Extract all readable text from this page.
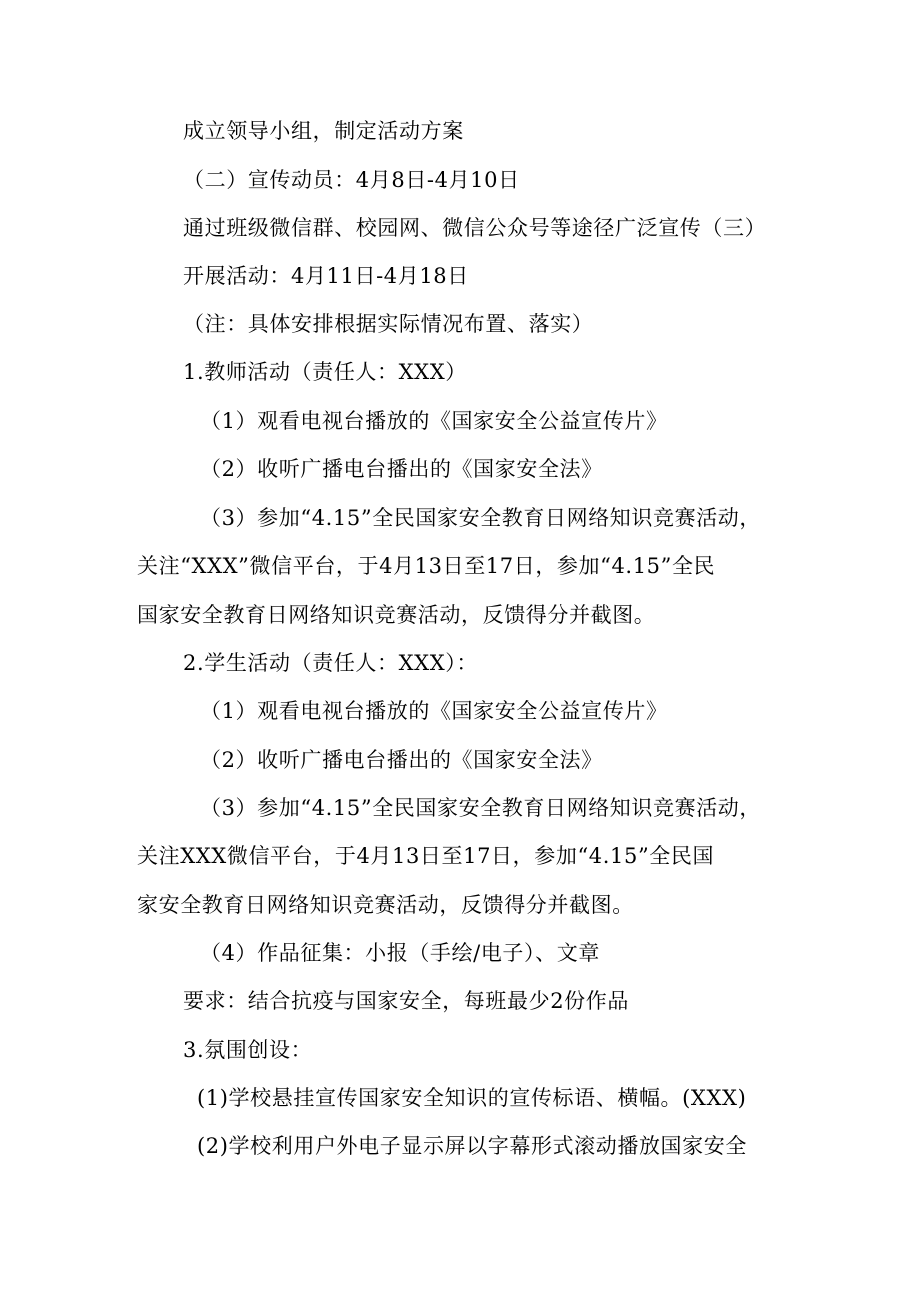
成立领导小组，制定活动方案
（二）宣传动员：4月8日-4月10日
通过班级微信群、校园网、微信公众号等途径广泛宣传（三）
开展活动：4月11日-4月18日
（注：具体安排根据实际情况布置、落实）
1.教师活动（责任人：XXX）
（1）观看电视台播放的《国家安全公益宣传片》
（2）收听广播电台播出的《国家安全法》
（3）参加“4.15”全民国家安全教育日网络知识竞赛活动，
关注“XXX”微信平台，于4月13日至17日，参加“4.15”全民
国家安全教育日网络知识竞赛活动，反馈得分并截图。
2.学生活动（责任人：XXX）：
（1）观看电视台播放的《国家安全公益宣传片》
（2）收听广播电台播出的《国家安全法》
（3）参加“4.15”全民国家安全教育日网络知识竞赛活动，
关注XXX微信平台，于4月13日至17日，参加“4.15”全民国
家安全教育日网络知识竞赛活动，反馈得分并截图。
（4）作品征集：小报（手绘/电子）、文章
要求：结合抗疫与国家安全，每班最少2份作品
3.氛围创设：
(1)学校悬挂宣传国家安全知识的宣传标语、横幅。(XXX)
(2)学校利用户外电子显示屏以字幕形式滚动播放国家安全
